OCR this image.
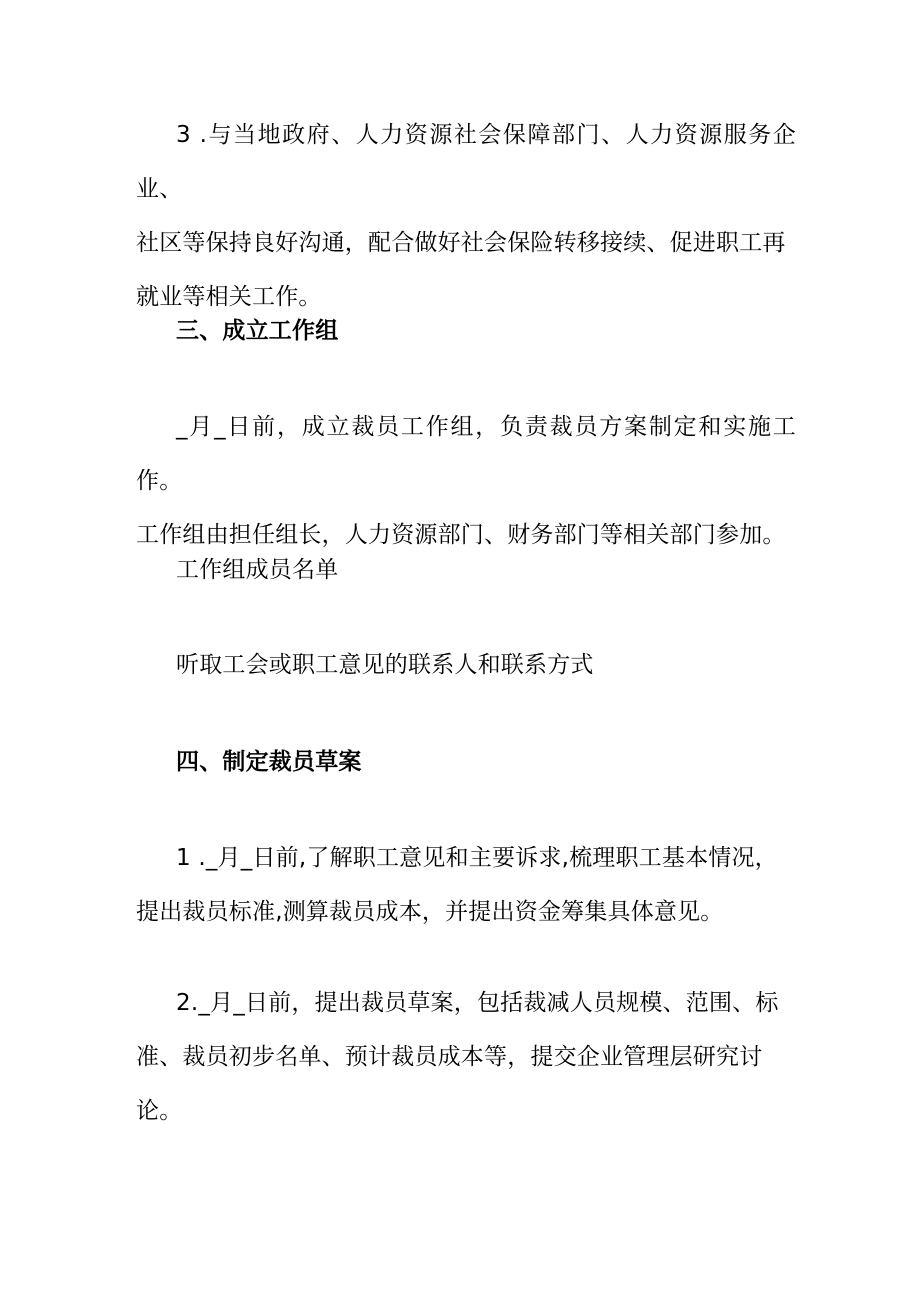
3 .与当地政府、人力资源社会保障部门、人力资源服务企业、
社区等保持良好沟通，配合做好社会保险转移接续、促进职工再
就业等相关工作。
三、成立工作组
_月_日前，成立裁员工作组，负责裁员方案制定和实施工作。
工作组由担任组长，人力资源部门、财务部门等相关部门参加。
工作组成员名单
听取工会或职工意见的联系人和联系方式
四、制定裁员草案
1 ._月_日前,了解职工意见和主要诉求,梳理职工基本情况，
提出裁员标准,测算裁员成本，并提出资金筹集具体意见。
2._月_日前，提出裁员草案，包括裁减人员规模、范围、标
准、裁员初步名单、预计裁员成本等，提交企业管理层研究讨
论。
